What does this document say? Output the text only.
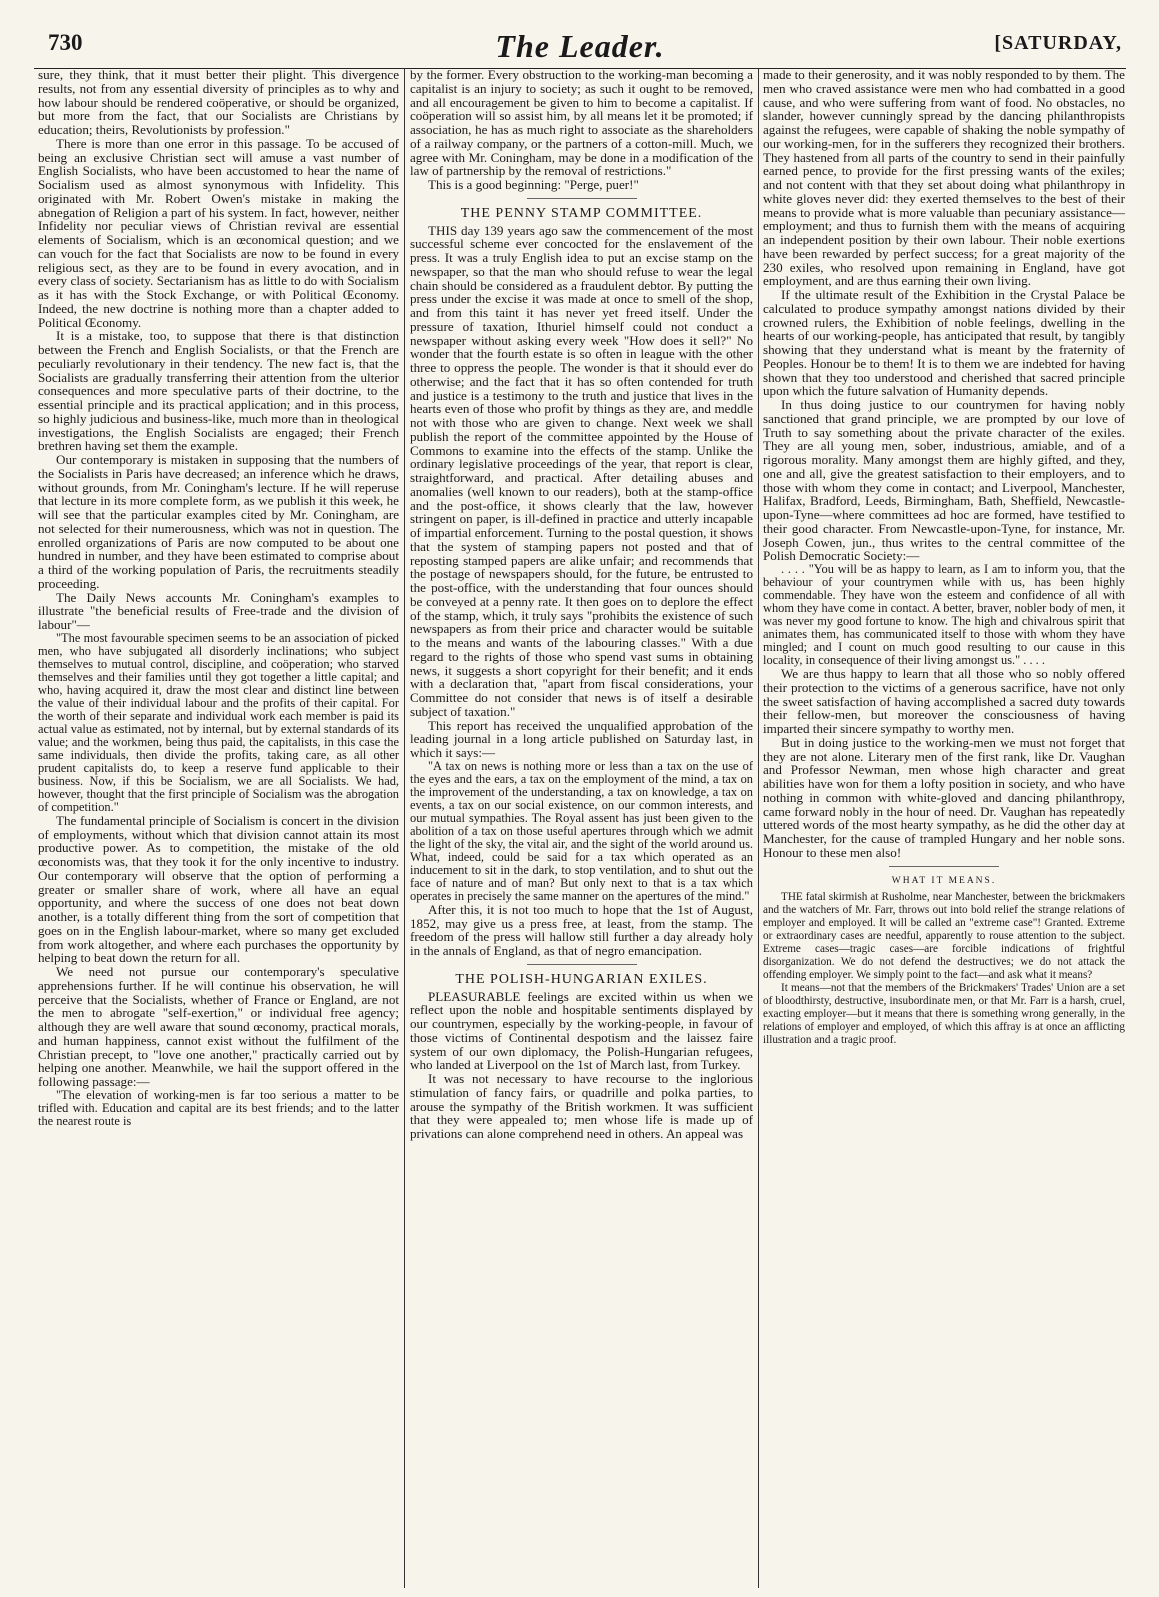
730	The Leader.	[SATURDAY,

sure, they think, that it must better their plight. This divergence results, not from any essential diversity of principles as to why and how labour should be rendered coöperative, or should be organized, but more from the fact, that our Socialists are Christians by education; theirs, Revolutionists by profession."

There is more than one error in this passage. To be accused of being an exclusive Christian sect will amuse a vast number of English Socialists, who have been accustomed to hear the name of Socialism used as almost synonymous with Infidelity. This originated with Mr. Robert Owen's mistake in making the abnegation of Religion a part of his system. In fact, however, neither Infidelity nor peculiar views of Christian revival are essential elements of Socialism, which is an œconomical question; and we can vouch for the fact that Socialists are now to be found in every religious sect, as they are to be found in every avocation, and in every class of society. Sectarianism has as little to do with Socialism as it has with the Stock Exchange, or with Political Œconomy. Indeed, the new doctrine is nothing more than a chapter added to Political Œconomy.

It is a mistake, too, to suppose that there is that distinction between the French and English Socialists, or that the French are peculiarly revolutionary in their tendency. The new fact is, that the Socialists are gradually transferring their attention from the ulterior consequences and more speculative parts of their doctrine, to the essential principle and its practical application; and in this process, so highly judicious and business-like, much more than in theological investigations, the English Socialists are engaged; their French brethren having set them the example.

Our contemporary is mistaken in supposing that the numbers of the Socialists in Paris have decreased; an inference which he draws, without grounds, from Mr. Coningham's lecture. If he will reperuse that lecture in its more complete form, as we publish it this week, he will see that the particular examples cited by Mr. Coningham, are not selected for their numerousness, which was not in question. The enrolled organizations of Paris are now computed to be about one hundred in number, and they have been estimated to comprise about a third of the working population of Paris, the recruitments steadily proceeding.

The Daily News accounts Mr. Coningham's examples to illustrate "the beneficial results of Free-trade and the division of labour"—

"The most favourable specimen seems to be an association of picked men, who have subjugated all disorderly inclinations; who subject themselves to mutual control, discipline, and coöperation; who starved themselves and their families until they got together a little capital; and who, having acquired it, draw the most clear and distinct line between the value of their individual labour and the profits of their capital. For the worth of their separate and individual work each member is paid its actual value as estimated, not by internal, but by external standards of its value; and the workmen, being thus paid, the capitalists, in this case the same individuals, then divide the profits, taking care, as all other prudent capitalists do, to keep a reserve fund applicable to their business. Now, if this be Socialism, we are all Socialists. We had, however, thought that the first principle of Socialism was the abrogation of competition."

The fundamental principle of Socialism is concert in the division of employments, without which that division cannot attain its most productive power. As to competition, the mistake of the old œconomists was, that they took it for the only incentive to industry. Our contemporary will observe that the option of performing a greater or smaller share of work, where all have an equal opportunity, and where the success of one does not beat down another, is a totally different thing from the sort of competition that goes on in the English labour-market, where so many get excluded from work altogether, and where each purchases the opportunity by helping to beat down the return for all.

We need not pursue our contemporary's speculative apprehensions further. If he will continue his observation, he will perceive that the Socialists, whether of France or England, are not the men to abrogate "self-exertion," or individual free agency; although they are well aware that sound œconomy, practical morals, and human happiness, cannot exist without the fulfilment of the Christian precept, to "love one another," practically carried out by helping one another. Meanwhile, we hail the support offered in the following passage:—

"The elevation of working-men is far too serious a matter to be trifled with. Education and capital are its best friends; and to the latter the nearest route is

by the former. Every obstruction to the working-man becoming a capitalist is an injury to society; as such it ought to be removed, and all encouragement be given to him to become a capitalist. If coöperation will so assist him, by all means let it be promoted; if association, he has as much right to associate as the shareholders of a railway company, or the partners of a cotton-mill. Much, we agree with Mr. Coningham, may be done in a modification of the law of partnership by the removal of restrictions."

This is a good beginning: "Perge, puer!"

THE PENNY STAMP COMMITTEE.

THIS day 139 years ago saw the commencement of the most successful scheme ever concocted for the enslavement of the press. It was a truly English idea to put an excise stamp on the newspaper, so that the man who should refuse to wear the legal chain should be considered as a fraudulent debtor. By putting the press under the excise it was made at once to smell of the shop, and from this taint it has never yet freed itself. Under the pressure of taxation, Ithuriel himself could not conduct a newspaper without asking every week "How does it sell?" No wonder that the fourth estate is so often in league with the other three to oppress the people. The wonder is that it should ever do otherwise; and the fact that it has so often contended for truth and justice is a testimony to the truth and justice that lives in the hearts even of those who profit by things as they are, and meddle not with those who are given to change. Next week we shall publish the report of the committee appointed by the House of Commons to examine into the effects of the stamp. Unlike the ordinary legislative proceedings of the year, that report is clear, straightforward, and practical. After detailing abuses and anomalies (well known to our readers), both at the stamp-office and the post-office, it shows clearly that the law, however stringent on paper, is ill-defined in practice and utterly incapable of impartial enforcement. Turning to the postal question, it shows that the system of stamping papers not posted and that of reposting stamped papers are alike unfair; and recommends that the postage of newspapers should, for the future, be entrusted to the post-office, with the understanding that four ounces should be conveyed at a penny rate. It then goes on to deplore the effect of the stamp, which, it truly says "prohibits the existence of such newspapers as from their price and character would be suitable to the means and wants of the labouring classes." With a due regard to the rights of those who spend vast sums in obtaining news, it suggests a short copyright for their benefit; and it ends with a declaration that, "apart from fiscal considerations, your Committee do not consider that news is of itself a desirable subject of taxation."

This report has received the unqualified approbation of the leading journal in a long article published on Saturday last, in which it says:—

"A tax on news is nothing more or less than a tax on the use of the eyes and the ears, a tax on the employment of the mind, a tax on the improvement of the understanding, a tax on knowledge, a tax on events, a tax on our social existence, on our common interests, and our mutual sympathies. The Royal assent has just been given to the abolition of a tax on those useful apertures through which we admit the light of the sky, the vital air, and the sight of the world around us. What, indeed, could be said for a tax which operated as an inducement to sit in the dark, to stop ventilation, and to shut out the face of nature and of man? But only next to that is a tax which operates in precisely the same manner on the apertures of the mind."

After this, it is not too much to hope that the 1st of August, 1852, may give us a press free, at least, from the stamp. The freedom of the press will hallow still further a day already holy in the annals of England, as that of negro emancipation.

THE POLISH-HUNGARIAN EXILES.

PLEASURABLE feelings are excited within us when we reflect upon the noble and hospitable sentiments displayed by our countrymen, especially by the working-people, in favour of those victims of Continental despotism and the laissez faire system of our own diplomacy, the Polish-Hungarian refugees, who landed at Liverpool on the 1st of March last, from Turkey.

It was not necessary to have recourse to the inglorious stimulation of fancy fairs, or quadrille and polka parties, to arouse the sympathy of the British workmen. It was sufficient that they were appealed to; men whose life is made up of privations can alone comprehend need in others. An appeal was

made to their generosity, and it was nobly responded to by them. The men who craved assistance were men who had combatted in a good cause, and who were suffering from want of food. No obstacles, no slander, however cunningly spread by the dancing philanthropists against the refugees, were capable of shaking the noble sympathy of our working-men, for in the sufferers they recognized their brothers. They hastened from all parts of the country to send in their painfully earned pence, to provide for the first pressing wants of the exiles; and not content with that they set about doing what philanthropy in white gloves never did: they exerted themselves to the best of their means to provide what is more valuable than pecuniary assistance—employment; and thus to furnish them with the means of acquiring an independent position by their own labour. Their noble exertions have been rewarded by perfect success; for a great majority of the 230 exiles, who resolved upon remaining in England, have got employment, and are thus earning their own living.

If the ultimate result of the Exhibition in the Crystal Palace be calculated to produce sympathy amongst nations divided by their crowned rulers, the Exhibition of noble feelings, dwelling in the hearts of our working-people, has anticipated that result, by tangibly showing that they understand what is meant by the fraternity of Peoples. Honour be to them! It is to them we are indebted for having shown that they too understood and cherished that sacred principle upon which the future salvation of Humanity depends.

In thus doing justice to our countrymen for having nobly sanctioned that grand principle, we are prompted by our love of Truth to say something about the private character of the exiles. They are all young men, sober, industrious, amiable, and of a rigorous morality. Many amongst them are highly gifted, and they, one and all, give the greatest satisfaction to their employers, and to those with whom they come in contact; and Liverpool, Manchester, Halifax, Bradford, Leeds, Birmingham, Bath, Sheffield, Newcastle-upon-Tyne—where committees ad hoc are formed, have testified to their good character. From Newcastle-upon-Tyne, for instance, Mr. Joseph Cowen, jun., thus writes to the central committee of the Polish Democratic Society:—

. . . . "You will be as happy to learn, as I am to inform you, that the behaviour of your countrymen while with us, has been highly commendable. They have won the esteem and confidence of all with whom they have come in contact. A better, braver, nobler body of men, it was never my good fortune to know. The high and chivalrous spirit that animates them, has communicated itself to those with whom they have mingled; and I count on much good resulting to our cause in this locality, in consequence of their living amongst us." . . . .

We are thus happy to learn that all those who so nobly offered their protection to the victims of a generous sacrifice, have not only the sweet satisfaction of having accomplished a sacred duty towards their fellow-men, but moreover the consciousness of having imparted their sincere sympathy to worthy men.

But in doing justice to the working-men we must not forget that they are not alone. Literary men of the first rank, like Dr. Vaughan and Professor Newman, men whose high character and great abilities have won for them a lofty position in society, and who have nothing in common with white-gloved and dancing philanthropy, came forward nobly in the hour of need. Dr. Vaughan has repeatedly uttered words of the most hearty sympathy, as he did the other day at Manchester, for the cause of trampled Hungary and her noble sons. Honour to these men also!

WHAT IT MEANS.

THE fatal skirmish at Rusholme, near Manchester, between the brickmakers and the watchers of Mr. Farr, throws out into bold relief the strange relations of employer and employed. It will be called an "extreme case"! Granted. Extreme or extraordinary cases are needful, apparently to rouse attention to the subject. Extreme cases—tragic cases—are forcible indications of frightful disorganization. We do not defend the destructives; we do not attack the offending employer. We simply point to the fact—and ask what it means?

It means—not that the members of the Brickmakers' Trades' Union are a set of bloodthirsty, destructive, insubordinate men, or that Mr. Farr is a harsh, cruel, exacting employer—but it means that there is something wrong generally, in the relations of employer and employed, of which this affray is at once an afflicting illustration and a tragic proof.
